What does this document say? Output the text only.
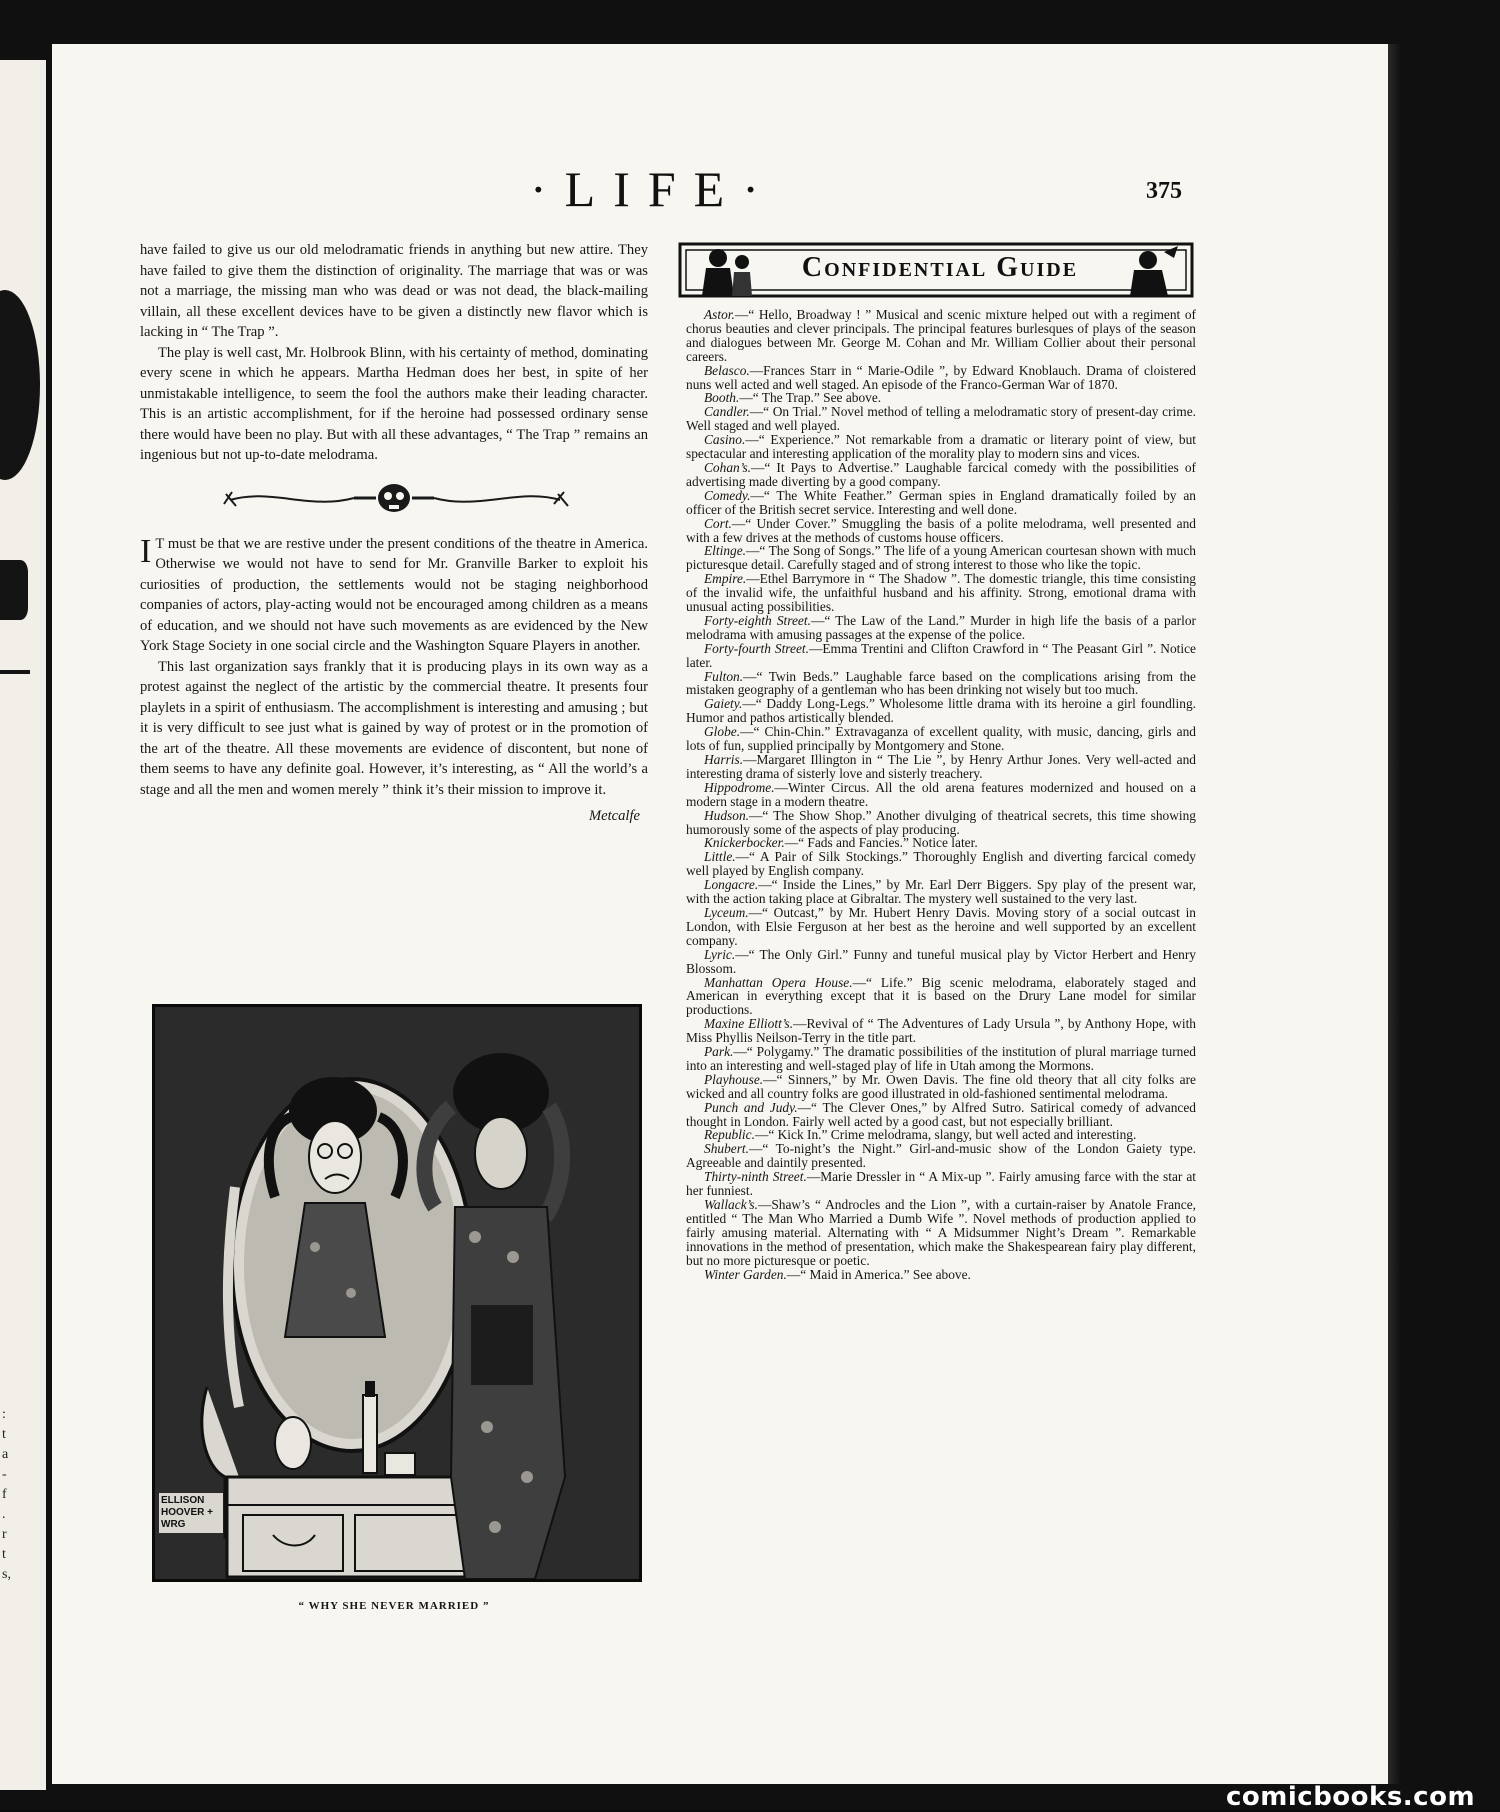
:
t
a
-
f
.
r
t
s,
·LIFE·	375

have failed to give us our old melodramatic friends in anything but new attire. They have failed to give them the distinction of originality. The marriage that was or was not a marriage, the missing man who was dead or was not dead, the black-mailing villain, all these excellent devices have to be given a distinctly new flavor which is lacking in “ The Trap ”.

The play is well cast, Mr. Holbrook Blinn, with his certainty of method, dominating every scene in which he appears. Martha Hedman does her best, in spite of her unmistakable intelligence, to seem the fool the authors make their leading character. This is an artistic accomplishment, for if the heroine had possessed ordinary sense there would have been no play. But with all these advantages, “ The Trap ” remains an ingenious but not up-to-date melodrama.

IT must be that we are restive under the present conditions of the theatre in America. Otherwise we would not have to send for Mr. Granville Barker to exploit his curiosities of production, the settlements would not be staging neighborhood companies of actors, play-acting would not be encouraged among children as a means of education, and we should not have such movements as are evidenced by the New York Stage Society in one social circle and the Washington Square Players in another.

This last organization says frankly that it is producing plays in its own way as a protest against the neglect of the artistic by the commercial theatre. It presents four playlets in a spirit of enthusiasm. The accomplishment is interesting and amusing ; but it is very difficult to see just what is gained by way of protest or in the promotion of the art of the theatre. All these movements are evidence of discontent, but none of them seems to have any definite goal. However, it’s interesting, as “ All the world’s a stage and all the men and women merely ” think it’s their mission to improve it.

Metcalfe
ELLISON HOOVER + WRG
“ WHY SHE NEVER MARRIED ”
Confidential Guide

Astor.—“ Hello, Broadway ! ” Musical and scenic mixture helped out with a regiment of chorus beauties and clever principals. The principal features burlesques of plays of the season and dialogues between Mr. George M. Cohan and Mr. William Collier about their personal careers.

Belasco.—Frances Starr in “ Marie-Odile ”, by Edward Knoblauch. Drama of cloistered nuns well acted and well staged. An episode of the Franco-German War of 1870.

Booth.—“ The Trap.” See above.

Candler.—“ On Trial.” Novel method of telling a melodramatic story of present-day crime. Well staged and well played.

Casino.—“ Experience.” Not remarkable from a dramatic or literary point of view, but spectacular and interesting application of the morality play to modern sins and vices.

Cohan’s.—“ It Pays to Advertise.” Laughable farcical comedy with the possibilities of advertising made diverting by a good company.

Comedy.—“ The White Feather.” German spies in England dramatically foiled by an officer of the British secret service. Interesting and well done.

Cort.—“ Under Cover.” Smuggling the basis of a polite melodrama, well presented and with a few drives at the methods of customs house officers.

Eltinge.—“ The Song of Songs.” The life of a young American courtesan shown with much picturesque detail. Carefully staged and of strong interest to those who like the topic.

Empire.—Ethel Barrymore in “ The Shadow ”. The domestic triangle, this time consisting of the invalid wife, the unfaithful husband and his affinity. Strong, emotional drama with unusual acting possibilities.

Forty-eighth Street.—“ The Law of the Land.” Murder in high life the basis of a parlor melodrama with amusing passages at the expense of the police.

Forty-fourth Street.—Emma Trentini and Clifton Crawford in “ The Peasant Girl ”. Notice later.

Fulton.—“ Twin Beds.” Laughable farce based on the complications arising from the mistaken geography of a gentleman who has been drinking not wisely but too much.

Gaiety.—“ Daddy Long-Legs.” Wholesome little drama with its heroine a girl foundling. Humor and pathos artistically blended.

Globe.—“ Chin-Chin.” Extravaganza of excellent quality, with music, dancing, girls and lots of fun, supplied principally by Montgomery and Stone.

Harris.—Margaret Illington in “ The Lie ”, by Henry Arthur Jones. Very well-acted and interesting drama of sisterly love and sisterly treachery.

Hippodrome.—Winter Circus. All the old arena features modernized and housed on a modern stage in a modern theatre.

Hudson.—“ The Show Shop.” Another divulging of theatrical secrets, this time showing humorously some of the aspects of play producing.

Knickerbocker.—“ Fads and Fancies.” Notice later.

Little.—“ A Pair of Silk Stockings.” Thoroughly English and diverting farcical comedy well played by English company.

Longacre.—“ Inside the Lines,” by Mr. Earl Derr Biggers. Spy play of the present war, with the action taking place at Gibraltar. The mystery well sustained to the very last.

Lyceum.—“ Outcast,” by Mr. Hubert Henry Davis. Moving story of a social outcast in London, with Elsie Ferguson at her best as the heroine and well supported by an excellent company.

Lyric.—“ The Only Girl.” Funny and tuneful musical play by Victor Herbert and Henry Blossom.

Manhattan Opera House.—“ Life.” Big scenic melodrama, elaborately staged and American in everything except that it is based on the Drury Lane model for similar productions.

Maxine Elliott’s.—Revival of “ The Adventures of Lady Ursula ”, by Anthony Hope, with Miss Phyllis Neilson-Terry in the title part.

Park.—“ Polygamy.” The dramatic possibilities of the institution of plural marriage turned into an interesting and well-staged play of life in Utah among the Mormons.

Playhouse.—“ Sinners,” by Mr. Owen Davis. The fine old theory that all city folks are wicked and all country folks are good illustrated in old-fashioned sentimental melodrama.

Punch and Judy.—“ The Clever Ones,” by Alfred Sutro. Satirical comedy of advanced thought in London. Fairly well acted by a good cast, but not especially brilliant.

Republic.—“ Kick In.” Crime melodrama, slangy, but well acted and interesting.

Shubert.—“ To-night’s the Night.” Girl-and-music show of the London Gaiety type. Agreeable and daintily presented.

Thirty-ninth Street.—Marie Dressler in “ A Mix-up ”. Fairly amusing farce with the star at her funniest.

Wallack’s.—Shaw’s “ Androcles and the Lion ”, with a curtain-raiser by Anatole France, entitled “ The Man Who Married a Dumb Wife ”. Novel methods of production applied to fairly amusing material. Alternating with “ A Midsummer Night’s Dream ”. Remarkable innovations in the method of presentation, which make the Shakespearean fairy play different, but no more picturesque or poetic.

Winter Garden.—“ Maid in America.” See above.

comicbooks.com
